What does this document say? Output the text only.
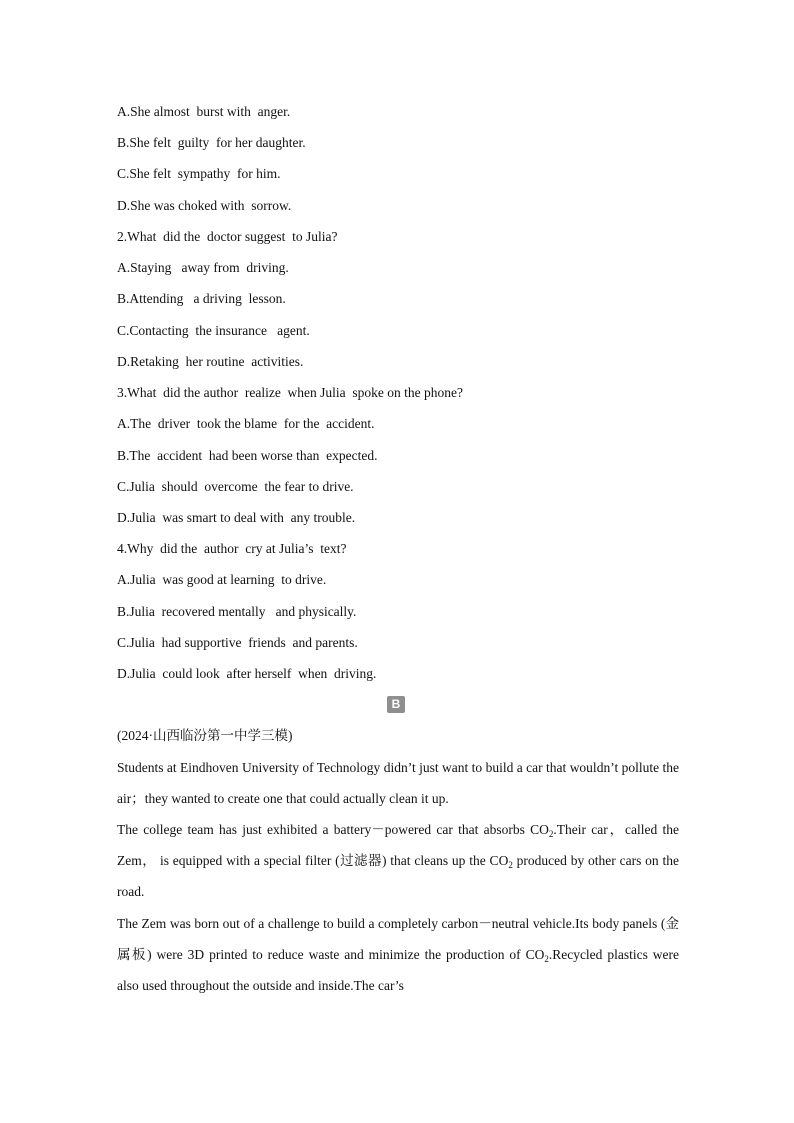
A.She almost  burst with  anger.
B.She felt  guilty  for her daughter.
C.She felt  sympathy  for him.
D.She was choked with  sorrow.
2.What  did the  doctor suggest  to Julia?
A.Staying   away from  driving.
B.Attending   a driving  lesson.
C.Contacting  the insurance   agent.
D.Retaking  her routine  activities.
3.What  did the author  realize  when Julia  spoke on the phone?
A.The  driver  took the blame  for the  accident.
B.The  accident  had been worse than  expected.
C.Julia  should  overcome  the fear to drive.
D.Julia  was smart to deal with  any trouble.
4.Why  did the  author  cry at Julia’s  text?
A.Julia  was good at learning  to drive.
B.Julia  recovered mentally   and physically.
C.Julia  had supportive  friends  and parents.
D.Julia  could look  after herself  when  driving.
B
(2024·山西临汾第一中学三模)
Students at Eindhoven University of Technology didn’t just want to build a car that wouldn’t pollute the air；they wanted to create one that could actually clean it up.
The college team has just exhibited a battery－powered car that absorbs $CO_2.Their$ car，called the Zem， is equipped with a special filter (过滤器) that cleans up the $CO_2$ produced by other cars on the road.
The Zem was born out of a challenge to build a completely carbon－neutral vehicle.Its body panels (金属板) were 3D printed to reduce waste and minimize the production of $CO_2.Recycled$ plastics were also used throughout the outside and inside.The car’s
